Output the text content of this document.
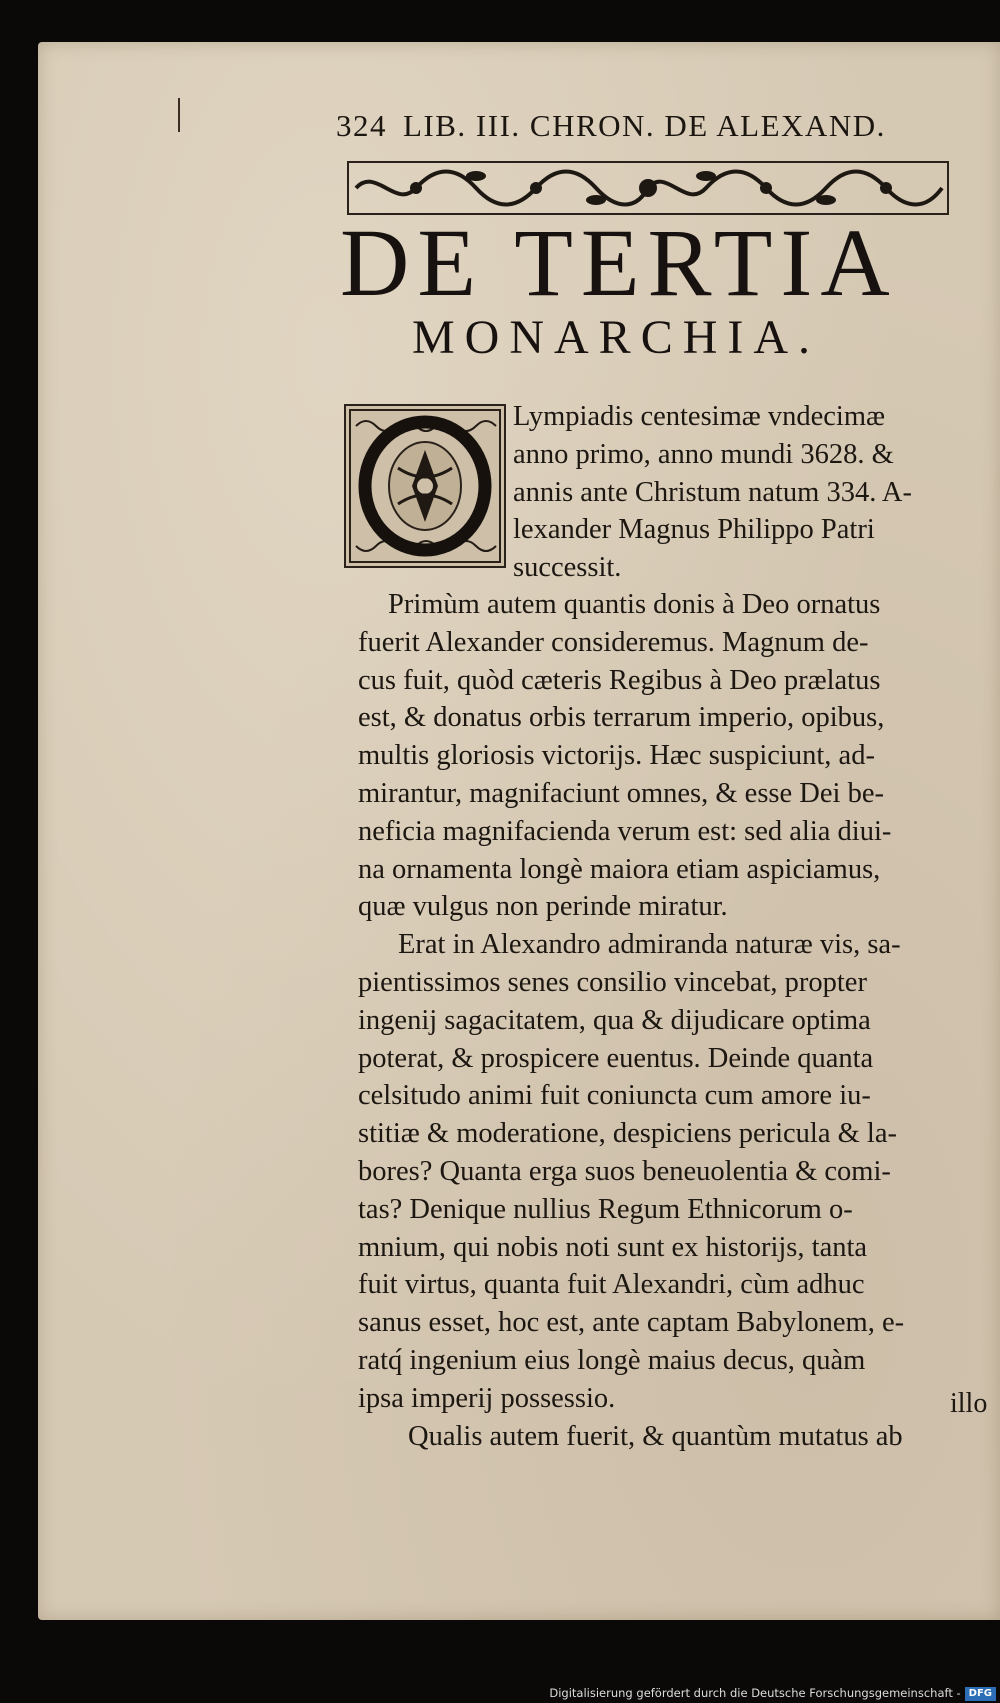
324 LIB. III. CHRON. DE ALEXAND.
DE TERTIA
MONARCHIA.
Lympiadis centesimæ vndecimæ
anno primo, anno mundi 3628. &
annis ante Christum natum 334. A-
lexander Magnus Philippo Patri
successit.
Primùm autem quantis donis à Deo ornatus
fuerit Alexander consideremus. Magnum de-
cus fuit, quòd cæteris Regibus à Deo prælatus
est, & donatus orbis terrarum imperio, opibus,
multis gloriosis victorijs. Hæc suspiciunt, ad-
mirantur, magnifaciunt omnes, & esse Dei be-
neficia magnifacienda verum est: sed alia diui-
na ornamenta longè maiora etiam aspiciamus,
quæ vulgus non perinde miratur.
Erat in Alexandro admiranda naturæ vis, sa-
pientissimos senes consilio vincebat, propter
ingenij sagacitatem, qua & dijudicare optima
poterat, & prospicere euentus. Deinde quanta
celsitudo animi fuit coniuncta cum amore iu-
stitiæ & moderatione, despiciens pericula & la-
bores? Quanta erga suos beneuolentia & comi-
tas? Denique nullius Regum Ethnicorum o-
mnium, qui nobis noti sunt ex historijs, tanta
fuit virtus, quanta fuit Alexandri, cùm adhuc
sanus esset, hoc est, ante captam Babylonem, e-
ratq́ ingenium eius longè maius decus, quàm
ipsa imperij possessio.
Qualis autem fuerit, & quantùm mutatus ab
illo
Digitalisierung gefördert durch die Deutsche Forschungsgemeinschaft - DFG
